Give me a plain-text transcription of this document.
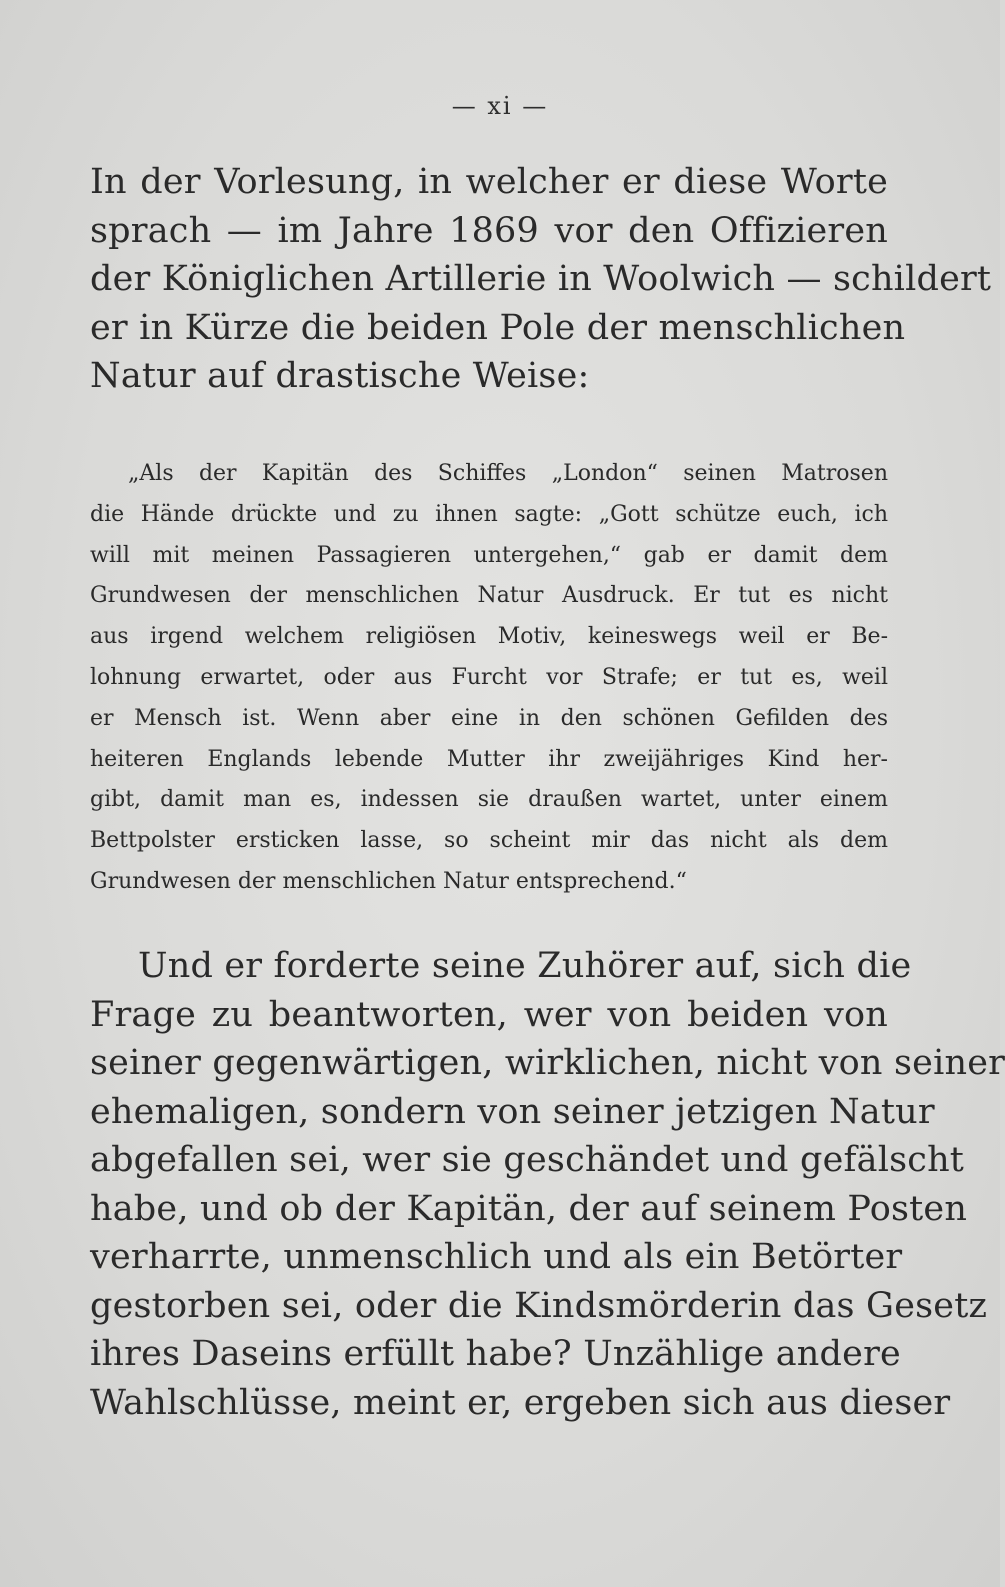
— xi —
In der Vorlesung, in welcher er diese Worte
sprach — im Jahre 1869 vor den Offizieren
der Königlichen Artillerie in Woolwich — schildert
er in Kürze die beiden Pole der menschlichen
Natur auf drastische Weise:
„Als der Kapitän des Schiffes „London“ seinen Matrosen
die Hände drückte und zu ihnen sagte: „Gott schütze euch, ich
will mit meinen Passagieren untergehen,“ gab er damit dem
Grundwesen der menschlichen Natur Ausdruck. Er tut es nicht
aus irgend welchem religiösen Motiv, keineswegs weil er Be-
lohnung erwartet, oder aus Furcht vor Strafe; er tut es, weil
er Mensch ist. Wenn aber eine in den schönen Gefilden des
heiteren Englands lebende Mutter ihr zweijähriges Kind her-
gibt, damit man es, indessen sie draußen wartet, unter einem
Bettpolster ersticken lasse, so scheint mir das nicht als dem
Grundwesen der menschlichen Natur entsprechend.“
Und er forderte seine Zuhörer auf, sich die
Frage zu beantworten, wer von beiden von
seiner gegenwärtigen, wirklichen, nicht von seiner
ehemaligen, sondern von seiner jetzigen Natur
abgefallen sei, wer sie geschändet und gefälscht
habe, und ob der Kapitän, der auf seinem Posten
verharrte, unmenschlich und als ein Betörter
gestorben sei, oder die Kindsmörderin das Gesetz
ihres Daseins erfüllt habe? Unzählige andere
Wahlschlüsse, meint er, ergeben sich aus dieser
